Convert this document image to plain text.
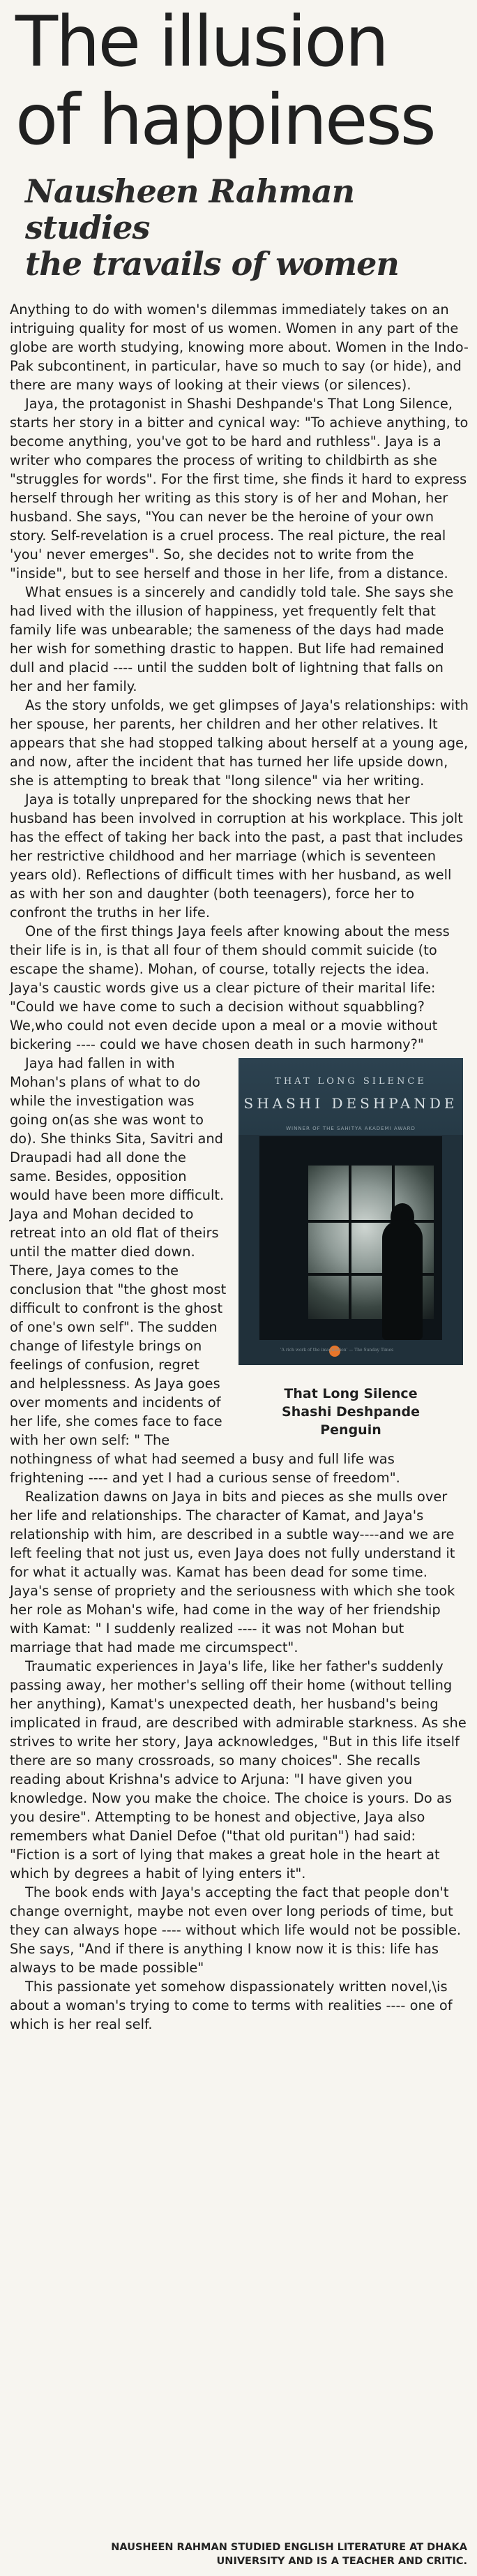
The illusion
of happiness
Nausheen Rahman studies
the travails of women

Anything to do with women's dilemmas immediately takes on an intriguing quality for most of us women. Women in any part of the globe are worth studying, knowing more about. Women in the Indo-Pak subcontinent, in particular, have so much to say (or hide), and there are many ways of looking at their views (or silences).

Jaya, the protagonist in Shashi Deshpande's That Long Silence, starts her story in a bitter and cynical way: "To achieve anything, to become anything, you've got to be hard and ruthless". Jaya is a writer who compares the process of writing to childbirth as she "struggles for words". For the first time, she finds it hard to express herself through her writing as this story is of her and Mohan, her husband. She says, "You can never be the heroine of your own story. Self-revelation is a cruel process. The real picture, the real 'you' never emerges". So, she decides not to write from the "inside", but to see herself and those in her life, from a distance.

What ensues is a sincerely and candidly told tale. She says she had lived with the illusion of happiness, yet frequently felt that family life was unbearable; the sameness of the days had made her wish for something drastic to happen. But life had remained dull and placid ---- until the sudden bolt of lightning that falls on her and her family.

As the story unfolds, we get glimpses of Jaya's relationships: with her spouse, her parents, her children and her other relatives. It appears that she had stopped talking about herself at a young age, and now, after the incident that has turned her life upside down, she is attempting to break that "long silence" via her writing.

Jaya is totally unprepared for the shocking news that her husband has been involved in corruption at his workplace. This jolt has the effect of taking her back into the past, a past that includes her restrictive childhood and her marriage (which is seventeen years old). Reflections of difficult times with her husband, as well as with her son and daughter (both teenagers), force her to confront the truths in her life.

One of the first things Jaya feels after knowing about the mess their life is in, is that all four of them should commit suicide (to escape the shame). Mohan, of course, totally rejects the idea. Jaya's caustic words give us a clear picture of their marital life: "Could we have come to such a decision without squabbling? We,who could not even decide upon a meal or a movie without bickering ---- could we have chosen death in such harmony?"

THAT LONG SILENCE
SHASHI DESHPANDE
WINNER OF THE SAHITYA AKADEMI AWARD
'A rich work of the imagination' — The Sunday Times
That Long Silence
Shashi Deshpande
Penguin

Jaya had fallen in with Mohan's plans of what to do while the investigation was going on(as she was wont to do). She thinks Sita, Savitri and Draupadi had all done the same. Besides, opposition would have been more difficult. Jaya and Mohan decided to retreat into an old flat of theirs until the matter died down. There, Jaya comes to the conclusion that "the ghost most difficult to confront is the ghost of one's own self". The sudden change of lifestyle brings on feelings of confusion, regret and helplessness. As Jaya goes over moments and incidents of her life, she comes face to face with her own self: " The nothingness of what had seemed a busy and full life was frightening ---- and yet I had a curious sense of freedom".

Realization dawns on Jaya in bits and pieces as she mulls over her life and relationships. The character of Kamat, and Jaya's relationship with him, are described in a subtle way----and we are left feeling that not just us, even Jaya does not fully understand it for what it actually was. Kamat has been dead for some time. Jaya's sense of propriety and the seriousness with which she took her role as Mohan's wife, had come in the way of her friendship with Kamat: " I suddenly realized ---- it was not Mohan but marriage that had made me circumspect".

Traumatic experiences in Jaya's life, like her father's suddenly passing away, her mother's selling off their home (without telling her anything), Kamat's unexpected death, her husband's being implicated in fraud, are described with admirable starkness. As she strives to write her story, Jaya acknowledges, "But in this life itself there are so many crossroads, so many choices". She recalls reading about Krishna's advice to Arjuna: "I have given you knowledge. Now you make the choice. The choice is yours. Do as you desire". Attempting to be honest and objective, Jaya also remembers what Daniel Defoe ("that old puritan") had said: "Fiction is a sort of lying that makes a great hole in the heart at which by degrees a habit of lying enters it".

The book ends with Jaya's accepting the fact that people don't change overnight, maybe not even over long periods of time, but they can always hope ---- without which life would not be possible. She says, "And if there is anything I know now it is this: life has always to be made possible"

This passionate yet somehow dispassionately written novel,\is about a woman's trying to come to terms with realities ---- one of which is her real self.

NAUSHEEN RAHMAN STUDIED ENGLISH LITERATURE AT DHAKA
UNIVERSITY AND IS A TEACHER AND CRITIC.
